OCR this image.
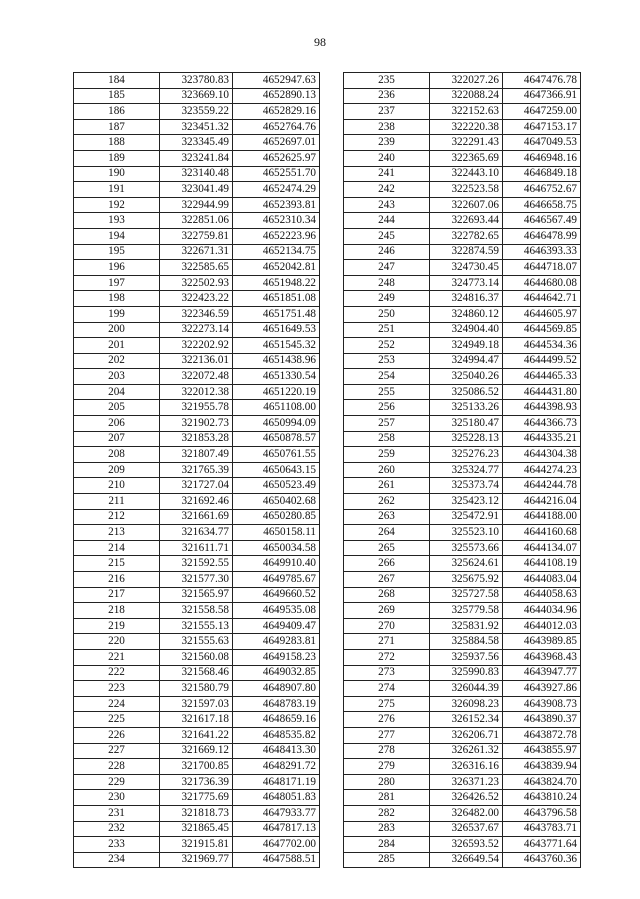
98
184	323780.83	4652947.63
185	323669.10	4652890.13
186	323559.22	4652829.16
187	323451.32	4652764.76
188	323345.49	4652697.01
189	323241.84	4652625.97
190	323140.48	4652551.70
191	323041.49	4652474.29
192	322944.99	4652393.81
193	322851.06	4652310.34
194	322759.81	4652223.96
195	322671.31	4652134.75
196	322585.65	4652042.81
197	322502.93	4651948.22
198	322423.22	4651851.08
199	322346.59	4651751.48
200	322273.14	4651649.53
201	322202.92	4651545.32
202	322136.01	4651438.96
203	322072.48	4651330.54
204	322012.38	4651220.19
205	321955.78	4651108.00
206	321902.73	4650994.09
207	321853.28	4650878.57
208	321807.49	4650761.55
209	321765.39	4650643.15
210	321727.04	4650523.49
211	321692.46	4650402.68
212	321661.69	4650280.85
213	321634.77	4650158.11
214	321611.71	4650034.58
215	321592.55	4649910.40
216	321577.30	4649785.67
217	321565.97	4649660.52
218	321558.58	4649535.08
219	321555.13	4649409.47
220	321555.63	4649283.81
221	321560.08	4649158.23
222	321568.46	4649032.85
223	321580.79	4648907.80
224	321597.03	4648783.19
225	321617.18	4648659.16
226	321641.22	4648535.82
227	321669.12	4648413.30
228	321700.85	4648291.72
229	321736.39	4648171.19
230	321775.69	4648051.83
231	321818.73	4647933.77
232	321865.45	4647817.13
233	321915.81	4647702.00
234	321969.77	4647588.51
235	322027.26	4647476.78
236	322088.24	4647366.91
237	322152.63	4647259.00
238	322220.38	4647153.17
239	322291.43	4647049.53
240	322365.69	4646948.16
241	322443.10	4646849.18
242	322523.58	4646752.67
243	322607.06	4646658.75
244	322693.44	4646567.49
245	322782.65	4646478.99
246	322874.59	4646393.33
247	324730.45	4644718.07
248	324773.14	4644680.08
249	324816.37	4644642.71
250	324860.12	4644605.97
251	324904.40	4644569.85
252	324949.18	4644534.36
253	324994.47	4644499.52
254	325040.26	4644465.33
255	325086.52	4644431.80
256	325133.26	4644398.93
257	325180.47	4644366.73
258	325228.13	4644335.21
259	325276.23	4644304.38
260	325324.77	4644274.23
261	325373.74	4644244.78
262	325423.12	4644216.04
263	325472.91	4644188.00
264	325523.10	4644160.68
265	325573.66	4644134.07
266	325624.61	4644108.19
267	325675.92	4644083.04
268	325727.58	4644058.63
269	325779.58	4644034.96
270	325831.92	4644012.03
271	325884.58	4643989.85
272	325937.56	4643968.43
273	325990.83	4643947.77
274	326044.39	4643927.86
275	326098.23	4643908.73
276	326152.34	4643890.37
277	326206.71	4643872.78
278	326261.32	4643855.97
279	326316.16	4643839.94
280	326371.23	4643824.70
281	326426.52	4643810.24
282	326482.00	4643796.58
283	326537.67	4643783.71
284	326593.52	4643771.64
285	326649.54	4643760.36
